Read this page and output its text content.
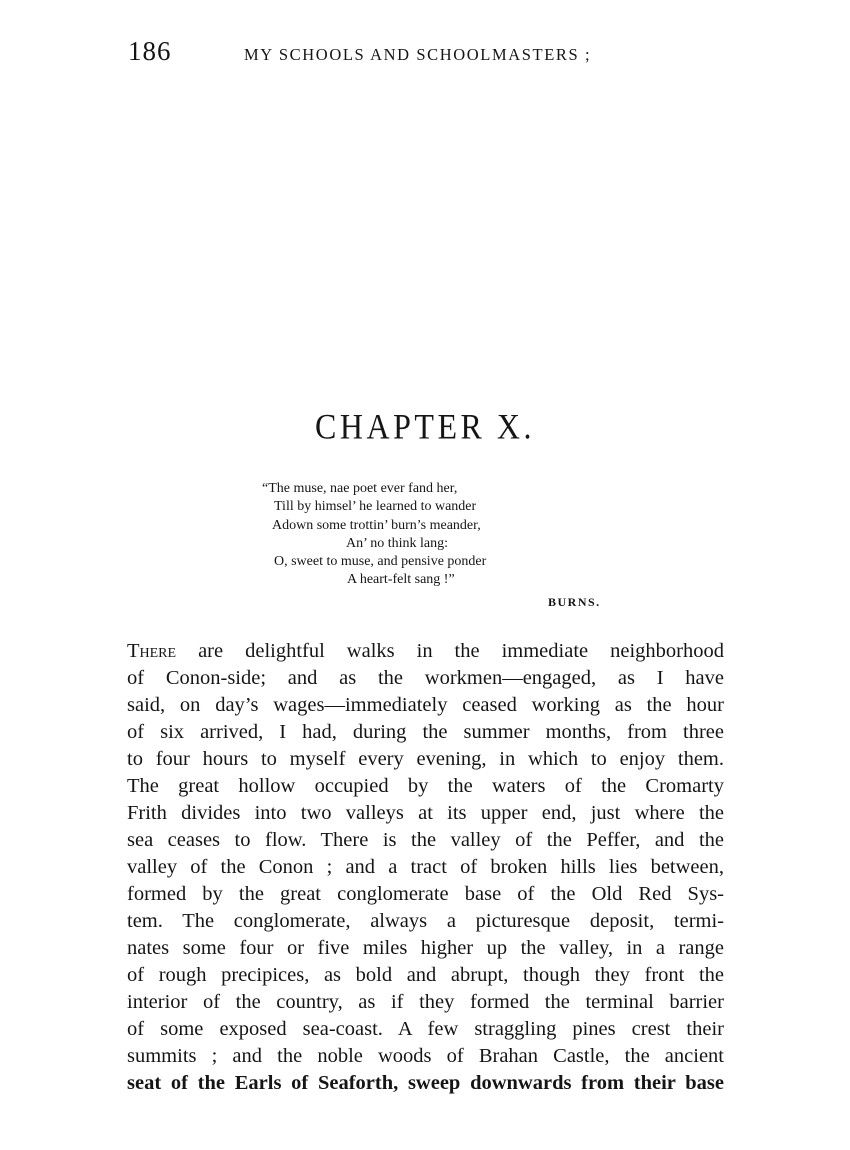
186	MY SCHOOLS AND SCHOOLMASTERS ;
CHAPTER X.
“The muse, nae poet ever fand her,
Till by himsel’ he learned to wander
Adown some trottin’ burn’s meander,
An’ no think lang:
O, sweet to muse, and pensive ponder
A heart-felt sang !”
BURNS.
There are delightful walks in the immediate neighborhood
of Conon-side; and as the workmen—engaged, as I have
said, on day’s wages—immediately ceased working as the hour
of six arrived, I had, during the summer months, from three
to four hours to myself every evening, in which to enjoy them.
The great hollow occupied by the waters of the Cromarty
Frith divides into two valleys at its upper end, just where the
sea ceases to flow. There is the valley of the Peffer, and the
valley of the Conon ; and a tract of broken hills lies between,
formed by the great conglomerate base of the Old Red Sys-
tem. The conglomerate, always a picturesque deposit, termi-
nates some four or five miles higher up the valley, in a range
of rough precipices, as bold and abrupt, though they front the
interior of the country, as if they formed the terminal barrier
of some exposed sea-coast. A few straggling pines crest their
summits ; and the noble woods of Brahan Castle, the ancient
seat of the Earls of Seaforth, sweep downwards from their base
